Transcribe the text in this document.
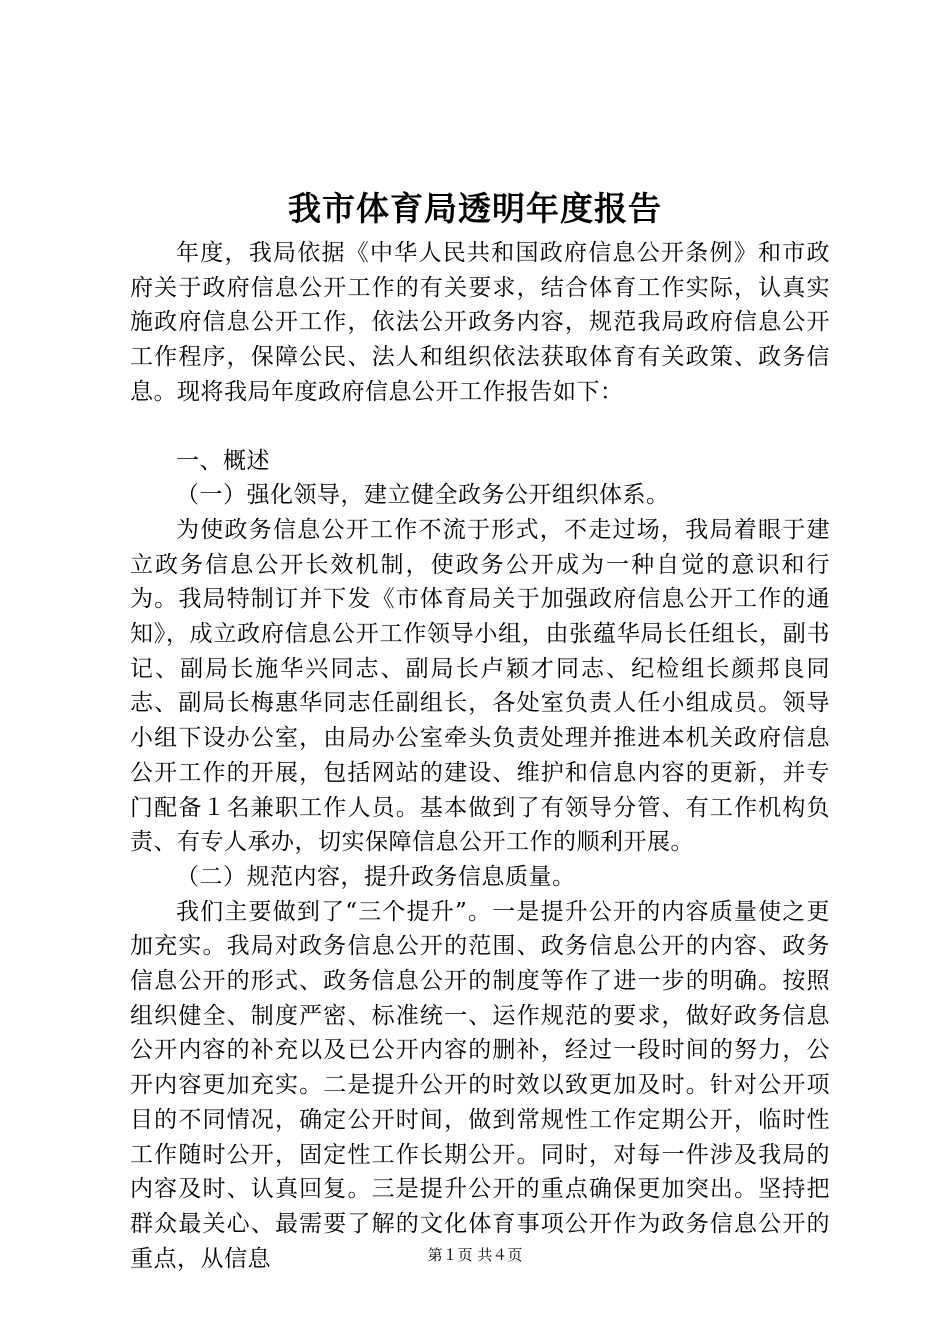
我市体育局透明年度报告

年度，我局依据《中华人民共和国政府信息公开条例》和市政府关于政府信息公开工作的有关要求，结合体育工作实际，认真实施政府信息公开工作，依法公开政务内容，规范我局政府信息公开工作程序，保障公民、法人和组织依法获取体育有关政策、政务信息。现将我局年度政府信息公开工作报告如下：

一、概述

（一）强化领导，建立健全政务公开组织体系。

为使政务信息公开工作不流于形式，不走过场，我局着眼于建立政务信息公开长效机制，使政务公开成为一种自觉的意识和行为。我局特制订并下发《市体育局关于加强政府信息公开工作的通知》，成立政府信息公开工作领导小组，由张蕴华局长任组长，副书记、副局长施华兴同志、副局长卢颖才同志、纪检组长颜邦良同志、副局长梅惠华同志任副组长，各处室负责人任小组成员。领导小组下设办公室，由局办公室牵头负责处理并推进本机关政府信息公开工作的开展，包括网站的建设、维护和信息内容的更新，并专门配备１名兼职工作人员。基本做到了有领导分管、有工作机构负责、有专人承办，切实保障信息公开工作的顺利开展。

（二）规范内容，提升政务信息质量。

我们主要做到了“三个提升”。一是提升公开的内容质量使之更加充实。我局对政务信息公开的范围、政务信息公开的内容、政务信息公开的形式、政务信息公开的制度等作了进一步的明确。按照组织健全、制度严密、标准统一、运作规范的要求，做好政务信息公开内容的补充以及已公开内容的删补，经过一段时间的努力，公开内容更加充实。二是提升公开的时效以致更加及时。针对公开项目的不同情况，确定公开时间，做到常规性工作定期公开，临时性工作随时公开，固定性工作长期公开。同时，对每一件涉及我局的内容及时、认真回复。三是提升公开的重点确保更加突出。坚持把群众最关心、最需要了解的文化体育事项公开作为政务信息公开的重点，从信息	第１页 共４页
